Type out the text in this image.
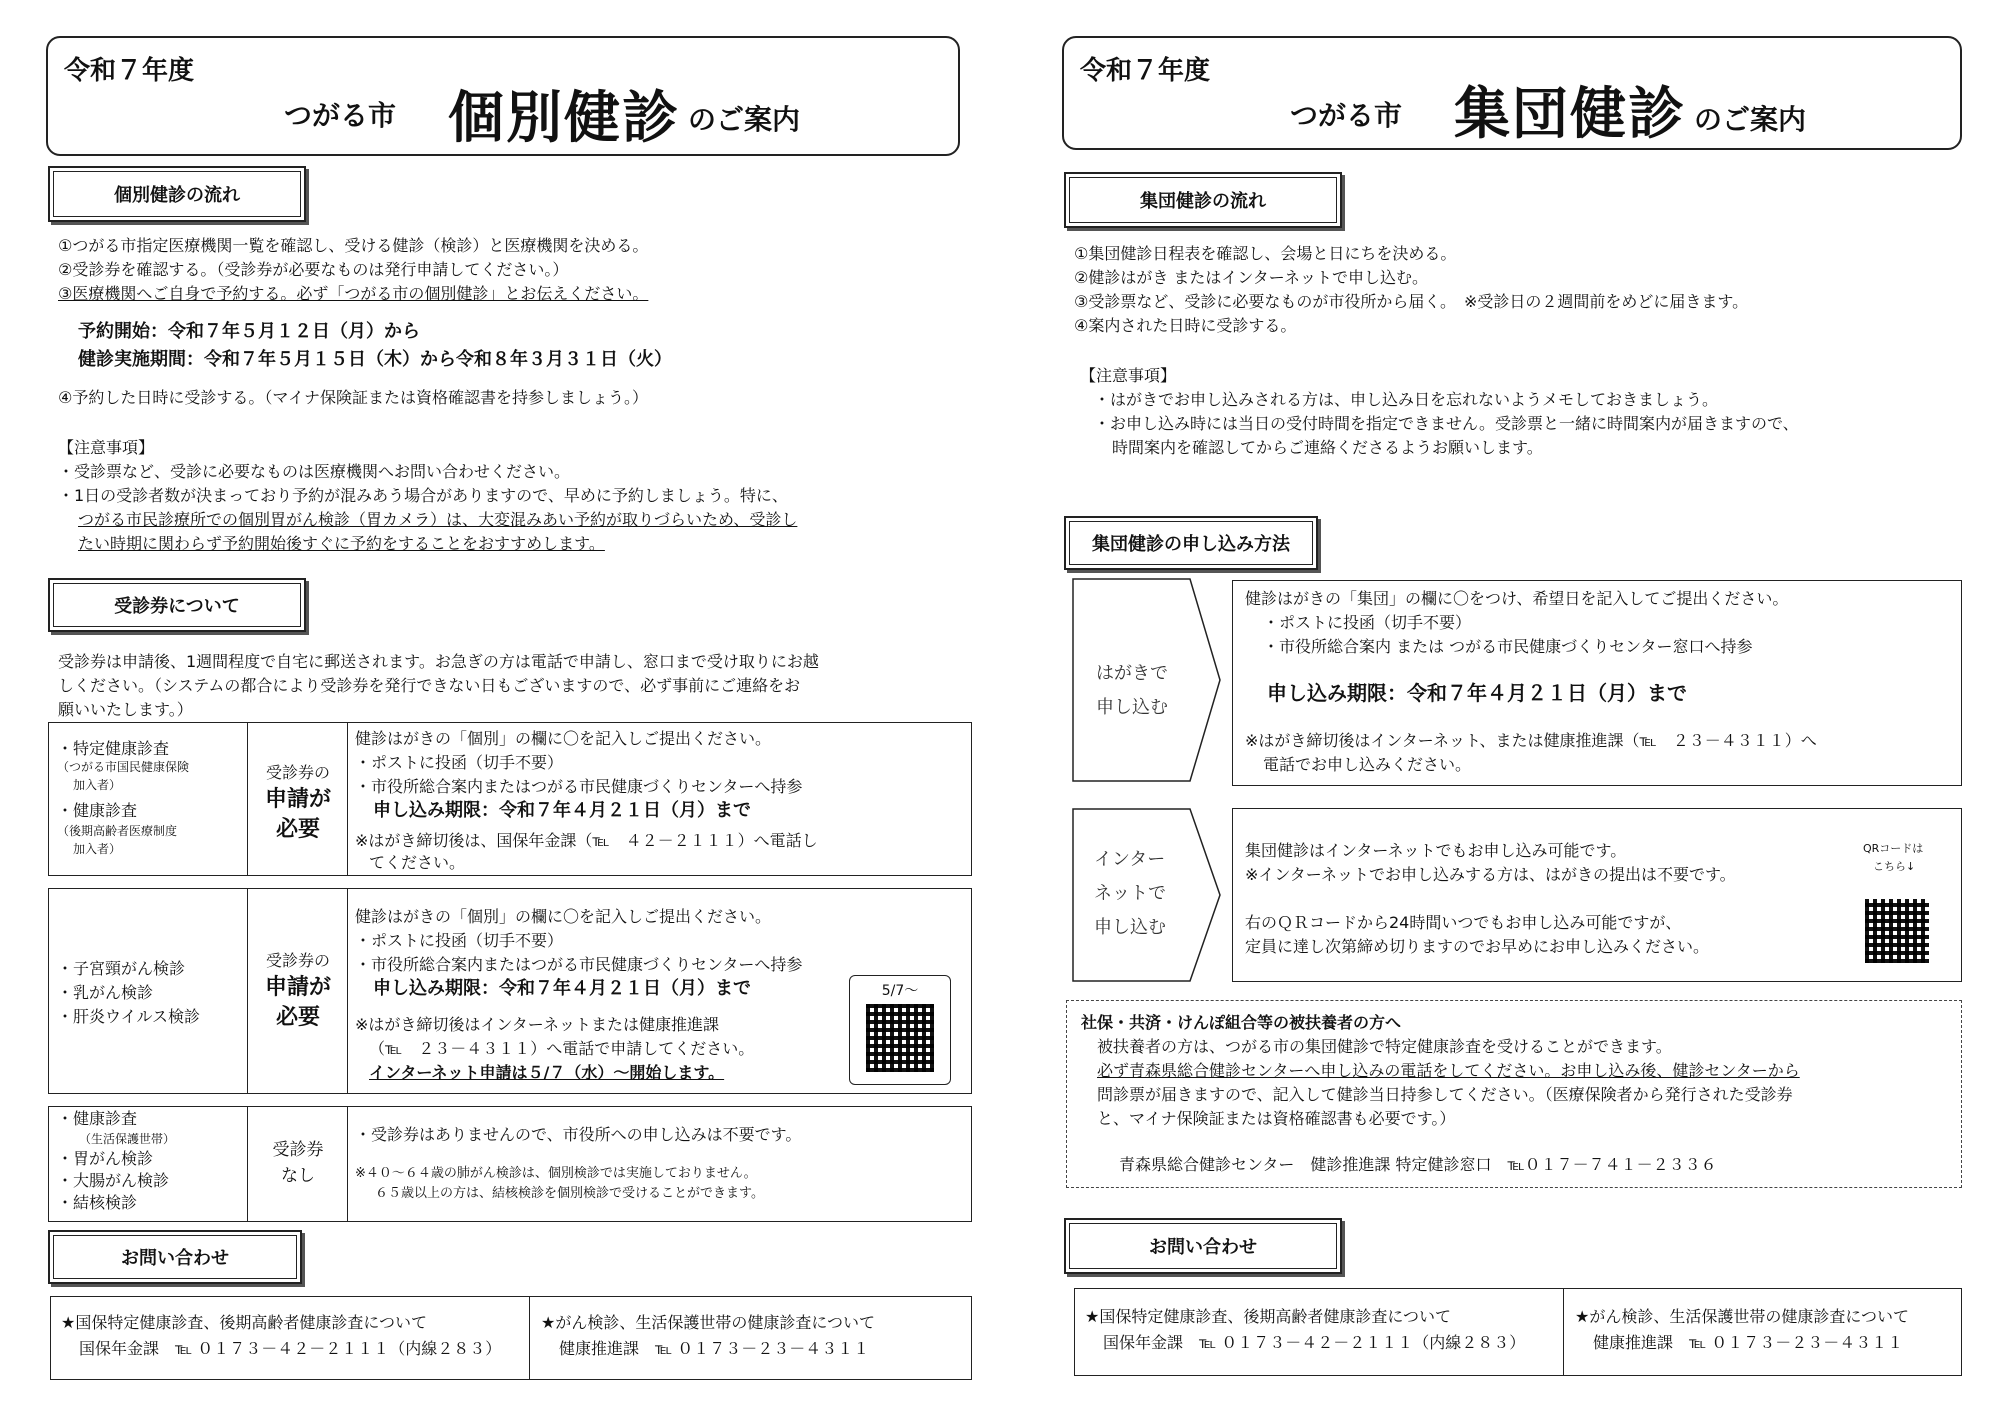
令和７年度
つがる市 個別健診 のご案内
個別健診の流れ
①つがる市指定医療機関一覧を確認し、受ける健診（検診）と医療機関を決める。
②受診券を確認する。（受診券が必要なものは発行申請してください。）
③医療機関へご自身で予約する。必ず「つがる市の個別健診」とお伝えください。
予約開始：令和７年５月１２日（月）から
健診実施期間：令和７年５月１５日（木）から令和８年３月３１日（火）
④予約した日時に受診する。（マイナ保険証または資格確認書を持参しましょう。）
【注意事項】
・受診票など、受診に必要なものは医療機関へお問い合わせください。
・1日の受診者数が決まっており予約が混みあう場合がありますので、早めに予約しましょう。特に、
つがる市民診療所での個別胃がん検診（胃カメラ）は、大変混みあい予約が取りづらいため、受診し
たい時期に関わらず予約開始後すぐに予約をすることをおすすめします。
受診券について
受診券は申請後、1週間程度で自宅に郵送されます。お急ぎの方は電話で申請し、窓口まで受け取りにお越
しください。（システムの都合により受診券を発行できない日もございますので、必ず事前にご連絡をお
願いいたします。）
・特定健康診査
（つがる市国民健康保険
加入者）
・健康診査
（後期高齢者医療制度
加入者）
受診券の
申請が
必要
健診はがきの「個別」の欄に〇を記入しご提出ください。
・ポストに投函（切手不要）
・市役所総合案内またはつがる市民健康づくりセンターへ持参
申し込み期限：令和７年４月２１日（月）まで
※はがき締切後は、国保年金課（℡　４２－２１１１）へ電話し
てください。
・子宮頸がん検診
・乳がん検診
・肝炎ウイルス検診
受診券の
申請が
必要
健診はがきの「個別」の欄に〇を記入しご提出ください。
・ポストに投函（切手不要）
・市役所総合案内またはつがる市民健康づくりセンターへ持参
申し込み期限：令和７年４月２１日（月）まで
※はがき締切後はインターネットまたは健康推進課
（℡　２３－４３１１）へ電話で申請してください。
インターネット申請は５/７（水）～開始します。
5/7～
・健康診査
（生活保護世帯）
・胃がん検診
・大腸がん検診
・結核検診
受診券
なし
・受診券はありませんので、市役所への申し込みは不要です。
※４０～６４歳の肺がん検診は、個別検診では実施しておりません。
６５歳以上の方は、結核検診を個別検診で受けることができます。
お問い合わせ
★国保特定健康診査、後期高齢者健康診査について
国保年金課　℡ ０１７３－４２－２１１１（内線２８３）
★がん検診、生活保護世帯の健康診査について
健康推進課　℡ ０１７３－２３－４３１１
令和７年度
つがる市 集団健診 のご案内
集団健診の流れ
①集団健診日程表を確認し、会場と日にちを決める。
②健診はがき またはインターネットで申し込む。
③受診票など、受診に必要なものが市役所から届く。　※受診日の２週間前をめどに届きます。
④案内された日時に受診する。
【注意事項】
・はがきでお申し込みされる方は、申し込み日を忘れないようメモしておきましょう。
・お申し込み時には当日の受付時間を指定できません。受診票と一緒に時間案内が届きますので、
時間案内を確認してからご連絡くださるようお願いします。
集団健診の申し込み方法
はがきで
申し込む
健診はがきの「集団」の欄に〇をつけ、希望日を記入してご提出ください。
・ポストに投函（切手不要）
・市役所総合案内 または つがる市民健康づくりセンター窓口へ持参
申し込み期限：令和７年４月２１日（月）まで
※はがき締切後はインターネット、または健康推進課（℡　２３－４３１１）へ
電話でお申し込みください。
インター
ネットで
申し込む
集団健診はインターネットでもお申し込み可能です。
※インターネットでお申し込みする方は、はがきの提出は不要です。
右のＱＲコードから24時間いつでもお申し込み可能ですが、
定員に達し次第締め切りますのでお早めにお申し込みください。
QRコードは
こちら↓
社保・共済・けんぽ組合等の被扶養者の方へ
被扶養者の方は、つがる市の集団健診で特定健康診査を受けることができます。
必ず青森県総合健診センターへ申し込みの電話をしてください。お申し込み後、健診センターから
問診票が届きますので、記入して健診当日持参してください。（医療保険者から発行された受診券
と、マイナ保険証または資格確認書も必要です。）
青森県総合健診センター　健診推進課 特定健診窓口　℡０１７－７４１－２３３６
お問い合わせ
★国保特定健康診査、後期高齢者健康診査について
国保年金課　℡ ０１７３－４２－２１１１（内線２８３）
★がん検診、生活保護世帯の健康診査について
健康推進課　℡ ０１７３－２３－４３１１
